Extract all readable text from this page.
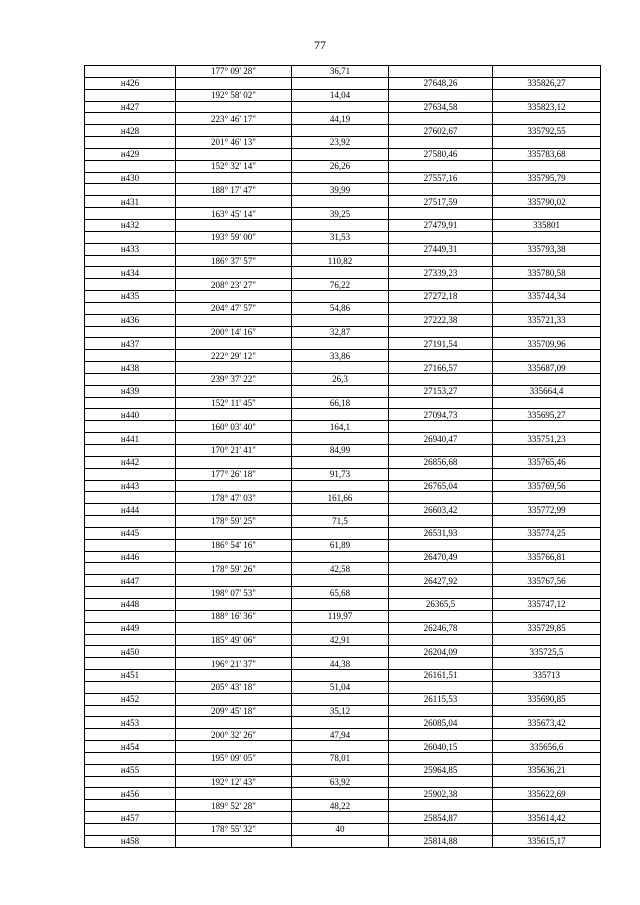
77
	177° 09' 28"	36,71		
н426			27648,26	335826,27
	192° 58' 02"	14,04		
н427			27634,58	335823,12
	223° 46' 17"	44,19		
н428			27602,67	335792,55
	201° 46' 13"	23,92		
н429			27580,46	335783,68
	152° 32' 14"	26,26		
н430			27557,16	335795,79
	188° 17' 47"	39,99		
н431			27517,59	335790,02
	163° 45' 14"	39,25		
н432			27479,91	335801
	193° 59' 00"	31,53		
н433			27449,31	335793,38
	186° 37' 57"	110,82		
н434			27339,23	335780,58
	208° 23' 27"	76,22		
н435			27272,18	335744,34
	204° 47' 57"	54,86		
н436			27222,38	335721,33
	200° 14' 16"	32,87		
н437			27191,54	335709,96
	222° 29' 12"	33,86		
н438			27166,57	335687,09
	239° 37' 22"	26,3		
н439			27153,27	335664,4
	152° 11' 45"	66,18		
н440			27094,73	335695,27
	160° 03' 40"	164,1		
н441			26940,47	335751,23
	170° 21' 41"	84,99		
н442			26856,68	335765,46
	177° 26' 18"	91,73		
н443			26765,04	335769,56
	178° 47' 03"	161,66		
н444			26603,42	335772,99
	178° 59' 25"	71,5		
н445			26531,93	335774,25
	186° 54' 16"	61,89		
н446			26470,49	335766,81
	178° 59' 26"	42,58		
н447			26427,92	335767,56
	198° 07' 53"	65,68		
н448			26365,5	335747,12
	188° 16' 36"	119,97		
н449			26246,78	335729,85
	185° 49' 06"	42,91		
н450			26204,09	335725,5
	196° 21' 37"	44,38		
н451			26161,51	335713
	205° 43' 18"	51,04		
н452			26115,53	335690,85
	209° 45' 18"	35,12		
н453			26085,04	335673,42
	200° 32' 26"	47,94		
н454			26040,15	335656,6
	195° 09' 05"	78,01		
н455			25964,85	335636,21
	192° 12' 43"	63,92		
н456			25902,38	335622,69
	189° 52' 28"	48,22		
н457			25854,87	335614,42
	178° 55' 32"	40		
н458			25814,88	335615,17
